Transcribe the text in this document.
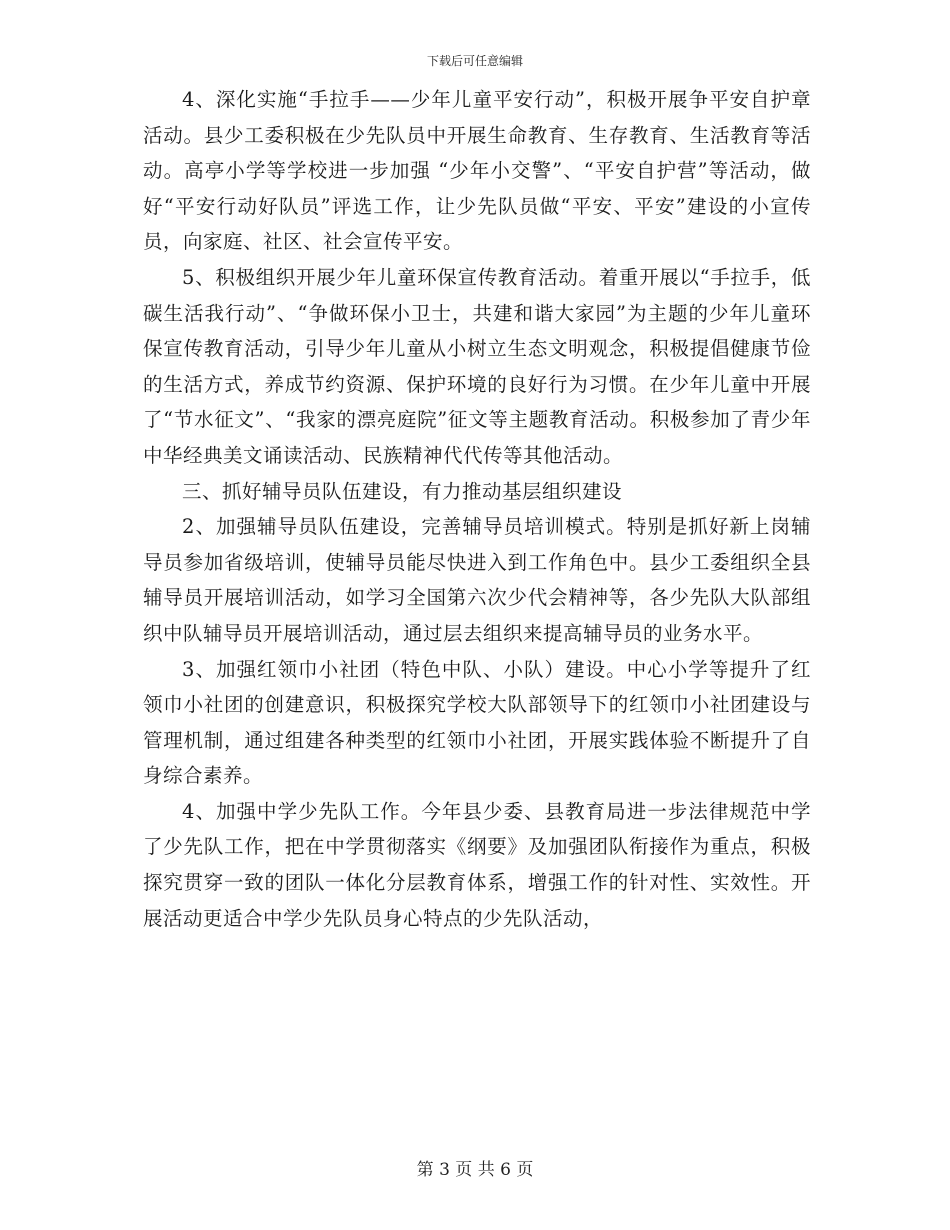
下载后可任意编辑

4、深化实施“手拉手——少年儿童平安行动”，积极开展争平安自护章活动。县少工委积极在少先队员中开展生命教育、生存教育、生活教育等活动。高亭小学等学校进一步加强 “少年小交警”、“平安自护营”等活动，做好“平安行动好队员”评选工作，让少先队员做“平安、平安”建设的小宣传员，向家庭、社区、社会宣传平安。

5、积极组织开展少年儿童环保宣传教育活动。着重开展以“手拉手，低碳生活我行动”、“争做环保小卫士，共建和谐大家园”为主题的少年儿童环保宣传教育活动，引导少年儿童从小树立生态文明观念，积极提倡健康节俭的生活方式，养成节约资源、保护环境的良好行为习惯。在少年儿童中开展了“节水征文”、“我家的漂亮庭院”征文等主题教育活动。积极参加了青少年中华经典美文诵读活动、民族精神代代传等其他活动。

三、抓好辅导员队伍建设，有力推动基层组织建设

2、加强辅导员队伍建设，完善辅导员培训模式。特别是抓好新上岗辅导员参加省级培训，使辅导员能尽快进入到工作角色中。县少工委组织全县辅导员开展培训活动，如学习全国第六次少代会精神等，各少先队大队部组织中队辅导员开展培训活动，通过层去组织来提高辅导员的业务水平。

3、加强红领巾小社团（特色中队、小队）建设。中心小学等提升了红领巾小社团的创建意识，积极探究学校大队部领导下的红领巾小社团建设与管理机制，通过组建各种类型的红领巾小社团，开展实践体验不断提升了自身综合素养。

4、加强中学少先队工作。今年县少委、县教育局进一步法律规范中学了少先队工作，把在中学贯彻落实《纲要》及加强团队衔接作为重点，积极探究贯穿一致的团队一体化分层教育体系，增强工作的针对性、实效性。开展活动更适合中学少先队员身心特点的少先队活动，

第 3 页 共 6 页
